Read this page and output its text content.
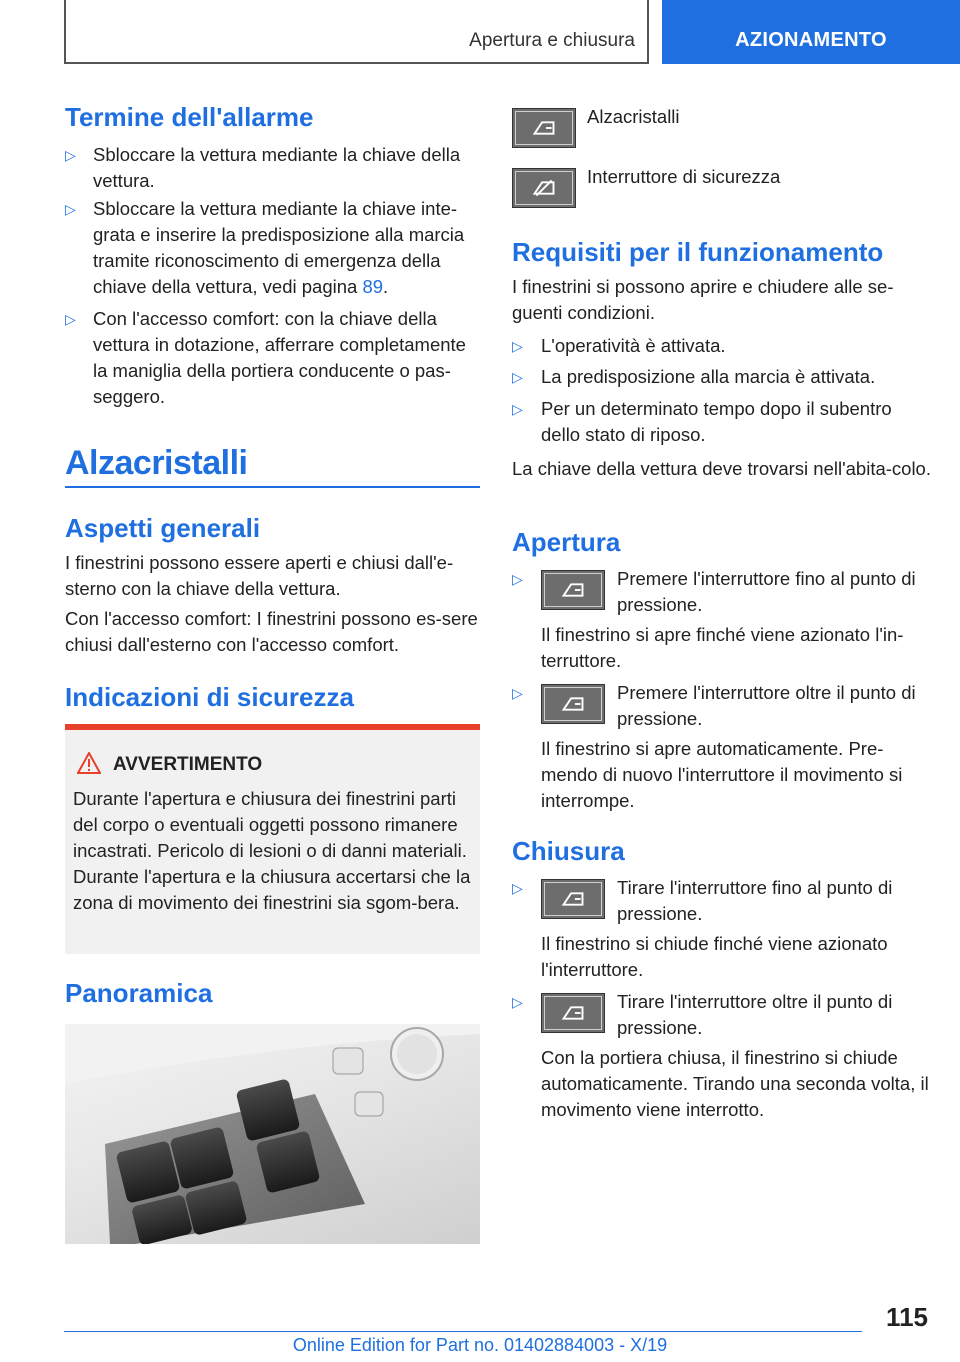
Apertura e chiusura	AZIONAMENTO
Termine dell'allarme
▷ Sbloccare la vettura mediante la chiave della vettura.
▷ Sbloccare la vettura mediante la chiave inte-grata e inserire la predisposizione alla marcia tramite riconoscimento di emergenza della chiave della vettura, vedi pagina 89.
▷ Con l'accesso comfort: con la chiave della vettura in dotazione, afferrare completamente la maniglia della portiera conducente o pas-seggero.
Alzacristalli
Aspetti generali
I finestrini possono essere aperti e chiusi dall'e-sterno con la chiave della vettura.
Con l'accesso comfort: I finestrini possono es-sere chiusi dall'esterno con l'accesso comfort.
Indicazioni di sicurezza
AVVERTIMENTO
Durante l'apertura e chiusura dei finestrini parti del corpo o eventuali oggetti possono rimanere incastrati. Pericolo di lesioni o di danni materiali. Durante l'apertura e la chiusura accertarsi che la zona di movimento dei finestrini sia sgom-bera.
Panoramica
Alzacristalli
Interruttore di sicurezza
Requisiti per il funzionamento
I finestrini si possono aprire e chiudere alle se-guenti condizioni.
▷ L'operatività è attivata.
▷ La predisposizione alla marcia è attivata.
▷ Per un determinato tempo dopo il subentro dello stato di riposo.
La chiave della vettura deve trovarsi nell'abita-colo.
Apertura
▷	Premere l'interruttore fino al punto di pressione.
Il finestrino si apre finché viene azionato l'in-terruttore.
▷	Premere l'interruttore oltre il punto di pressione.
Il finestrino si apre automaticamente. Pre-mendo di nuovo l'interruttore il movimento si interrompe.
Chiusura
▷	Tirare l'interruttore fino al punto di pressione.
Il finestrino si chiude finché viene azionato l'interruttore.
▷	Tirare l'interruttore oltre il punto di pressione.
Con la portiera chiusa, il finestrino si chiude automaticamente. Tirando una seconda volta, il movimento viene interrotto.
115
Online Edition for Part no. 01402884003 - X/19
